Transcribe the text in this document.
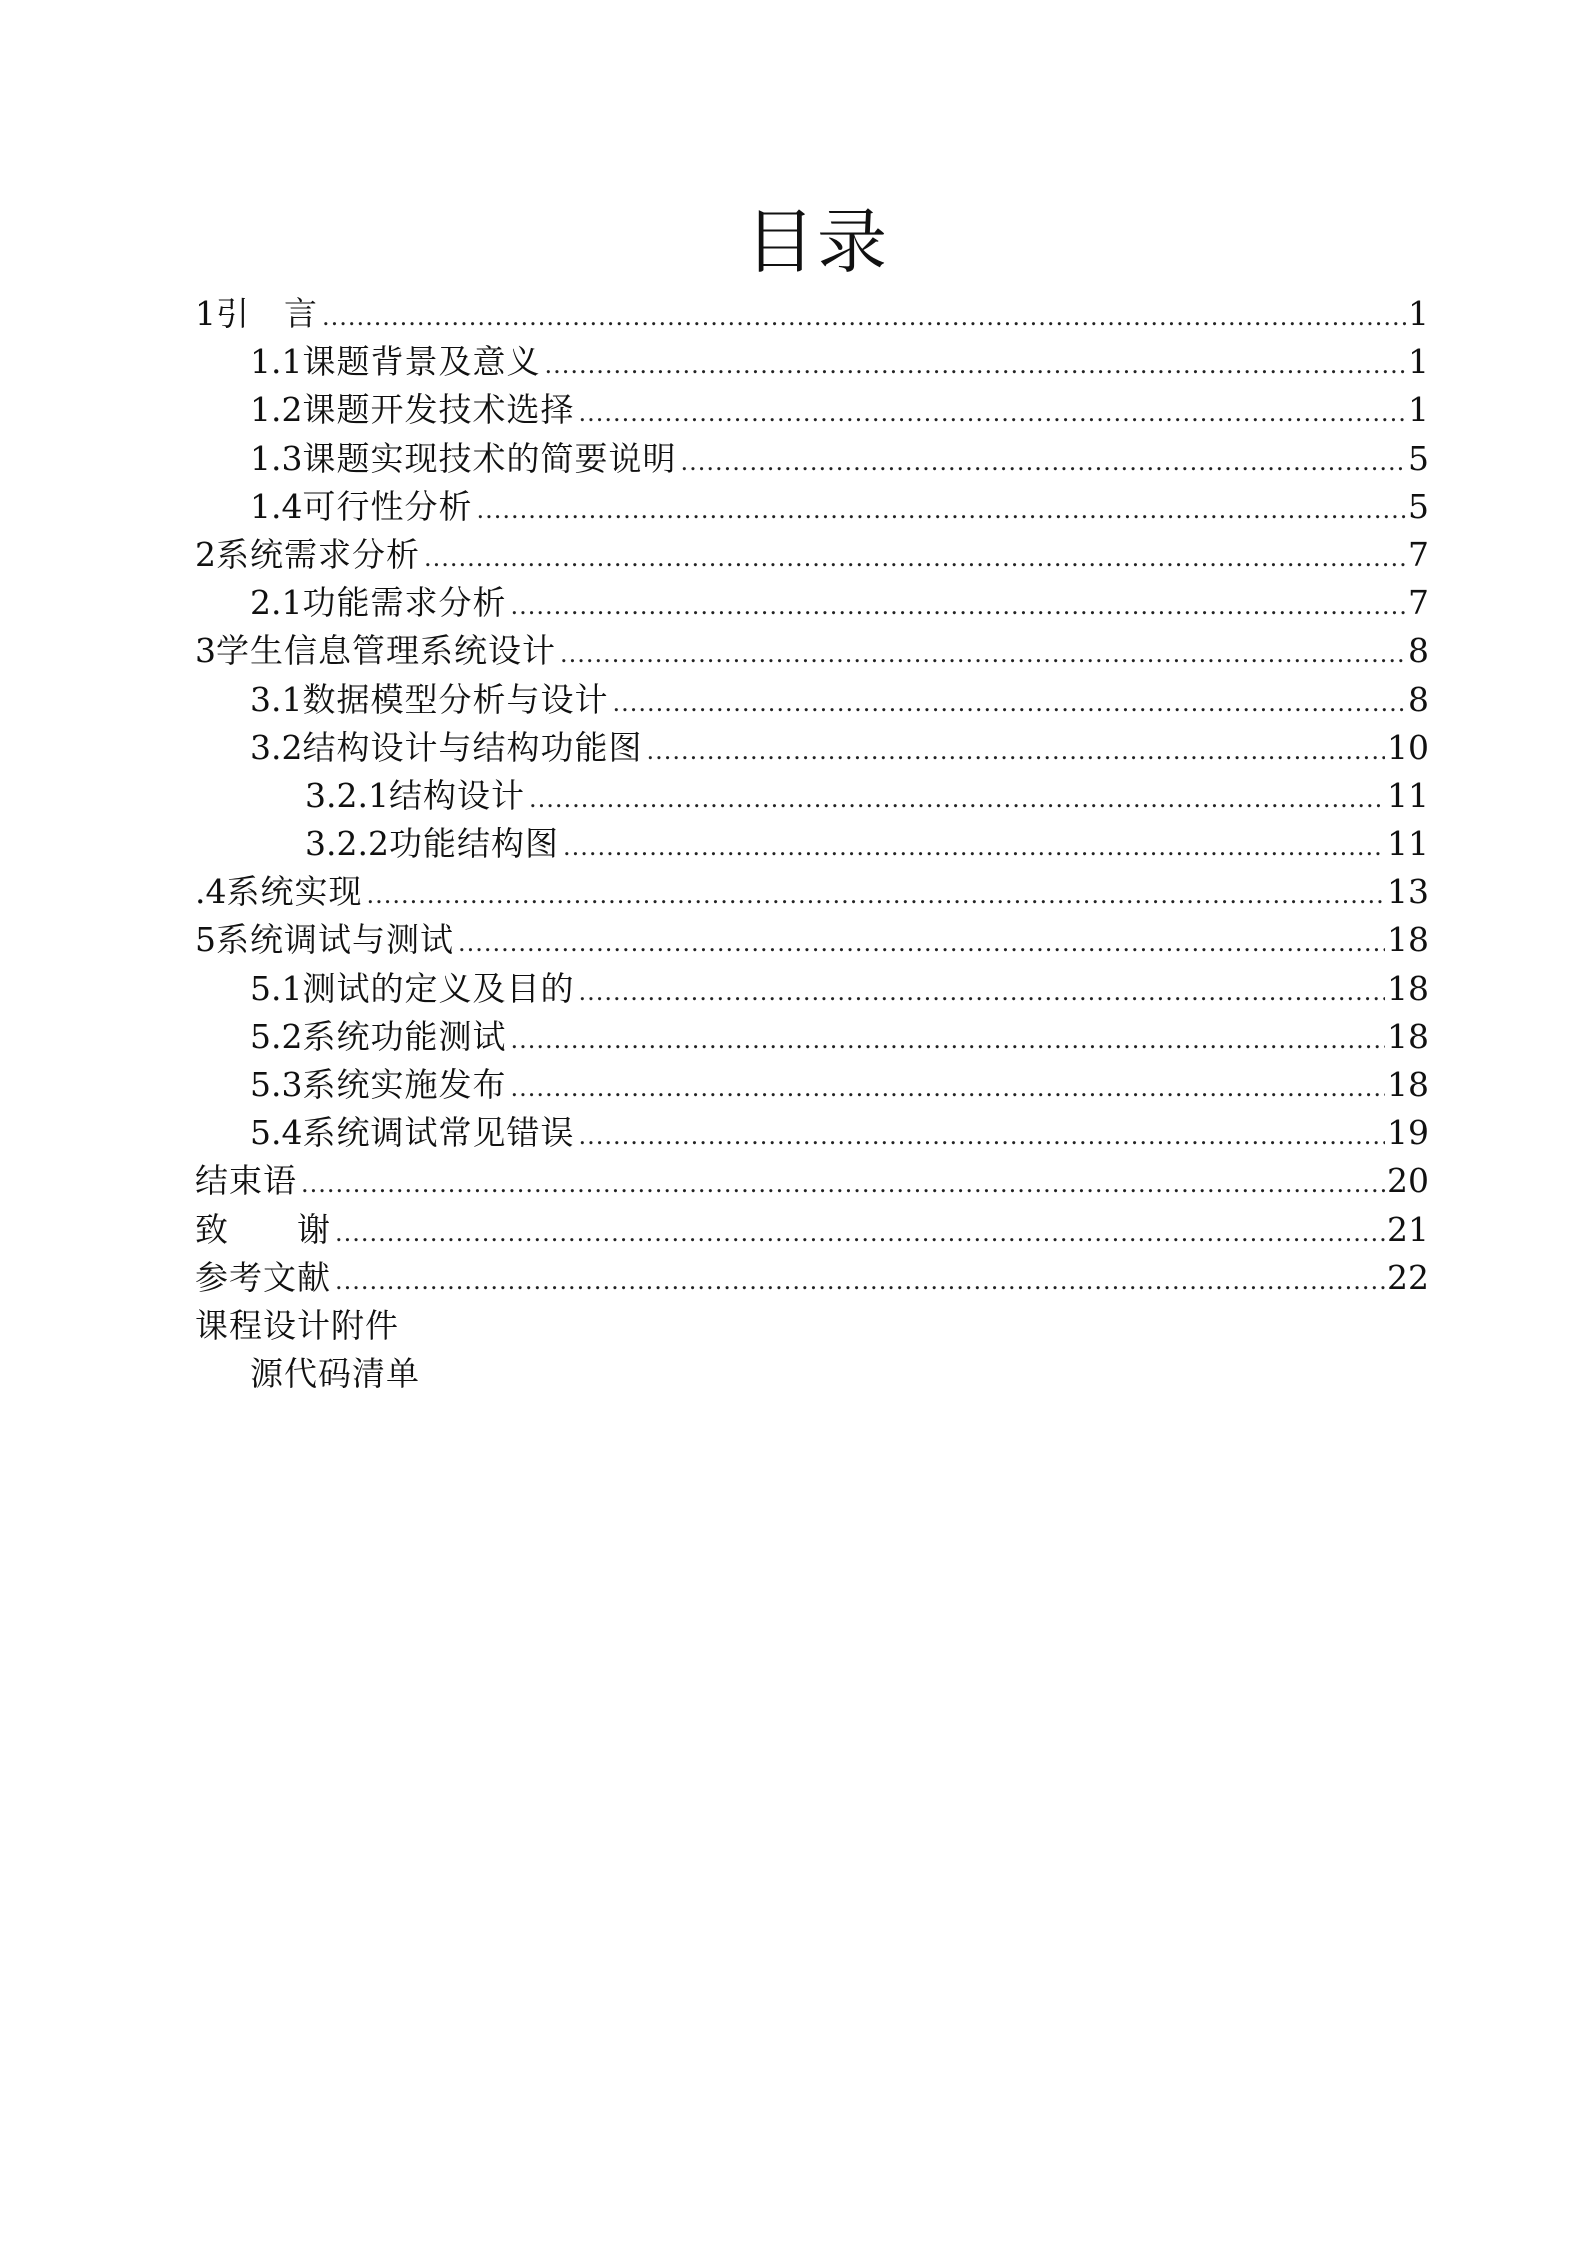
目录
1 引　言 .....	1
1.1 课题背景及意义 .....	1
1.2 课题开发技术选择 .....	1
1.3 课题实现技术的简要说明 .....	5
1.4 可行性分析 .....	5
2 系统需求分析 .....	7
2.1 功能需求分析 .....	7
3 学生信息管理系统设计 .....	8
3.1 数据模型分析与设计 .....	8
3.2 结构设计与结构功能图 .....	10
3.2.1 结构设计 .....	11
3.2.2 功能结构图 .....	11
.4 系统实现 .....	13
5 系统调试与测试 .....	18
5.1 测试的定义及目的 .....	18
5.2 系统功能测试 .....	18
5.3 系统实施发布 .....	18
5.4 系统调试常见错误 .....	19
结束语 .....	20
致　　谢 .....	21
参考文献 .....	22
课程设计附件
源代码清单
